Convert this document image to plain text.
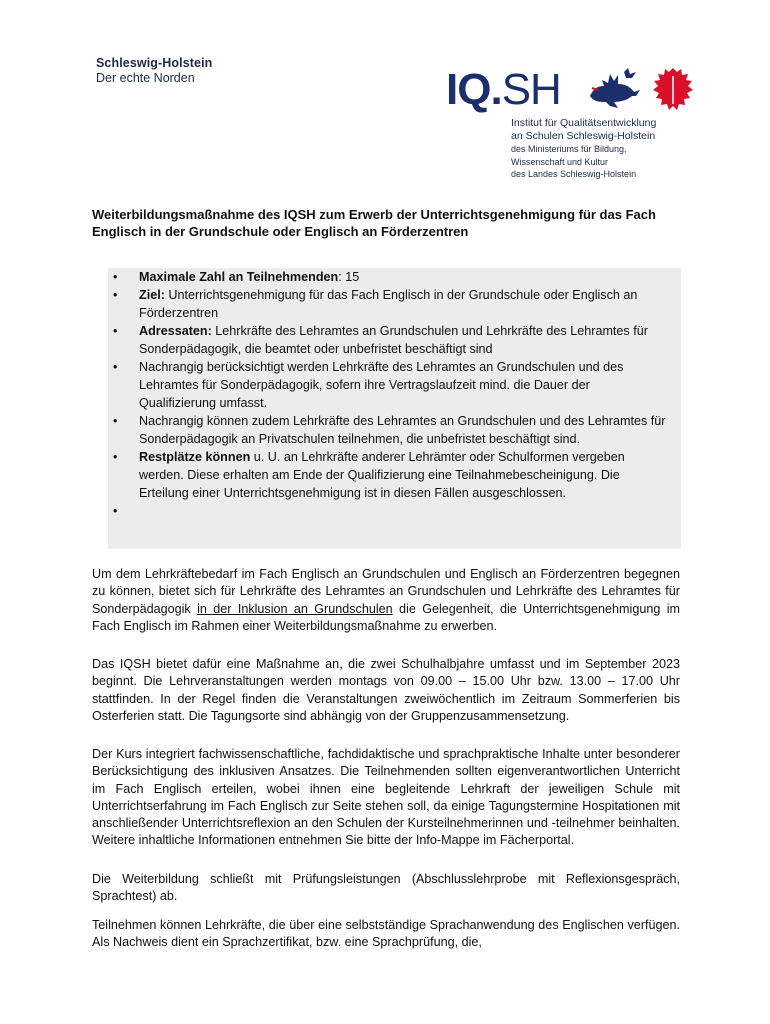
Schleswig-Holstein
Der echte Norden	IQ.SH
Institut für Qualitätsentwicklung
an Schulen Schleswig-Holstein
des Ministeriums für Bildung,
Wissenschaft und Kultur
des Landes Schleswig-Holstein
Weiterbildungsmaßnahme des IQSH zum Erwerb der Unterrichtsgenehmigung für das Fach Englisch in der Grundschule oder Englisch an Förderzentren
• Maximale Zahl an Teilnehmenden: 15
• Ziel: Unterrichtsgenehmigung für das Fach Englisch in der Grundschule oder Englisch an Förderzentren
• Adressaten: Lehrkräfte des Lehramtes an Grundschulen und Lehrkräfte des Lehramtes für Sonderpädagogik, die beamtet oder unbefristet beschäftigt sind
• Nachrangig berücksichtigt werden Lehrkräfte des Lehramtes an Grundschulen und des Lehramtes für Sonderpädagogik, sofern ihre Vertragslaufzeit mind. die Dauer der Qualifizierung umfasst.
• Nachrangig können zudem Lehrkräfte des Lehramtes an Grundschulen und des Lehramtes für Sonderpädagogik an Privatschulen teilnehmen, die unbefristet beschäftigt sind.
• Restplätze können u. U. an Lehrkräfte anderer Lehrämter oder Schulformen vergeben werden. Diese erhalten am Ende der Qualifizierung eine Teilnahmebescheinigung. Die Erteilung einer Unterrichtsgenehmigung ist in diesen Fällen ausgeschlossen.
•

Um dem Lehrkräftebedarf im Fach Englisch an Grundschulen und Englisch an Förderzentren begegnen zu können, bietet sich für Lehrkräfte des Lehramtes an Grundschulen und Lehrkräfte des Lehramtes für Sonderpädagogik in der Inklusion an Grundschulen die Gelegenheit, die Unterrichtsgenehmigung im Fach Englisch im Rahmen einer Weiterbildungsmaßnahme zu erwerben.

Das IQSH bietet dafür eine Maßnahme an, die zwei Schulhalbjahre umfasst und im September 2023 beginnt. Die Lehrveranstaltungen werden montags von 09.00 – 15.00 Uhr bzw. 13.00 – 17.00 Uhr stattfinden. In der Regel finden die Veranstaltungen zweiwöchentlich im Zeitraum Sommerferien bis Osterferien statt. Die Tagungsorte sind abhängig von der Gruppenzusammensetzung.

Der Kurs integriert fachwissenschaftliche, fachdidaktische und sprachpraktische Inhalte unter besonderer Berücksichtigung des inklusiven Ansatzes. Die Teilnehmenden sollten eigenverantwortlichen Unterricht im Fach Englisch erteilen, wobei ihnen eine begleitende Lehrkraft der jeweiligen Schule mit Unterrichtserfahrung im Fach Englisch zur Seite stehen soll, da einige Tagungstermine Hospitationen mit anschließender Unterrichtsreflexion an den Schulen der Kursteilnehmerinnen und -teilnehmer beinhalten. Weitere inhaltliche Informationen entnehmen Sie bitte der Info-Mappe im Fächerportal.

Die Weiterbildung schließt mit Prüfungsleistungen (Abschlusslehrprobe mit Reflexionsgespräch, Sprachtest) ab.

Teilnehmen können Lehrkräfte, die über eine selbstständige Sprachanwendung des Englischen verfügen. Als Nachweis dient ein Sprachzertifikat, bzw. eine Sprachprüfung, die,
